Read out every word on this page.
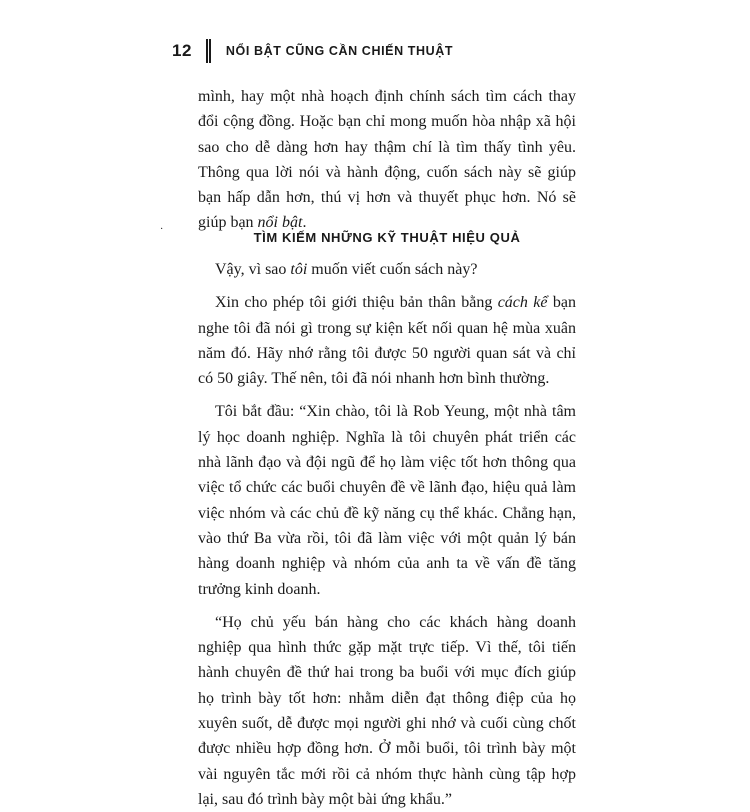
12	NỔI BẬT CŨNG CẦN CHIẾN THUẬT

mình, hay một nhà hoạch định chính sách tìm cách thay đổi cộng đồng. Hoặc bạn chỉ mong muốn hòa nhập xã hội sao cho dễ dàng hơn hay thậm chí là tìm thấy tình yêu. Thông qua lời nói và hành động, cuốn sách này sẽ giúp bạn hấp dẫn hơn, thú vị hơn và thuyết phục hơn. Nó sẽ giúp bạn nổi bật.

·
TÌM KIẾM NHỮNG KỸ THUẬT HIỆU QUẢ

Vậy, vì sao tôi muốn viết cuốn sách này?

Xin cho phép tôi giới thiệu bản thân bằng cách kể bạn nghe tôi đã nói gì trong sự kiện kết nối quan hệ mùa xuân năm đó. Hãy nhớ rằng tôi được 50 người quan sát và chỉ có 50 giây. Thế nên, tôi đã nói nhanh hơn bình thường.

Tôi bắt đầu: “Xin chào, tôi là Rob Yeung, một nhà tâm lý học doanh nghiệp. Nghĩa là tôi chuyên phát triển các nhà lãnh đạo và đội ngũ để họ làm việc tốt hơn thông qua việc tổ chức các buổi chuyên đề về lãnh đạo, hiệu quả làm việc nhóm và các chủ đề kỹ năng cụ thể khác. Chẳng hạn, vào thứ Ba vừa rồi, tôi đã làm việc với một quản lý bán hàng doanh nghiệp và nhóm của anh ta về vấn đề tăng trưởng kinh doanh.

“Họ chủ yếu bán hàng cho các khách hàng doanh nghiệp qua hình thức gặp mặt trực tiếp. Vì thế, tôi tiến hành chuyên đề thứ hai trong ba buổi với mục đích giúp họ trình bày tốt hơn: nhằm diễn đạt thông điệp của họ xuyên suốt, dễ được mọi người ghi nhớ và cuối cùng chốt được nhiều hợp đồng hơn. Ở mỗi buổi, tôi trình bày một vài nguyên tắc mới rồi cả nhóm thực hành cùng tập hợp lại, sau đó trình bày một bài ứng khẩu.”
